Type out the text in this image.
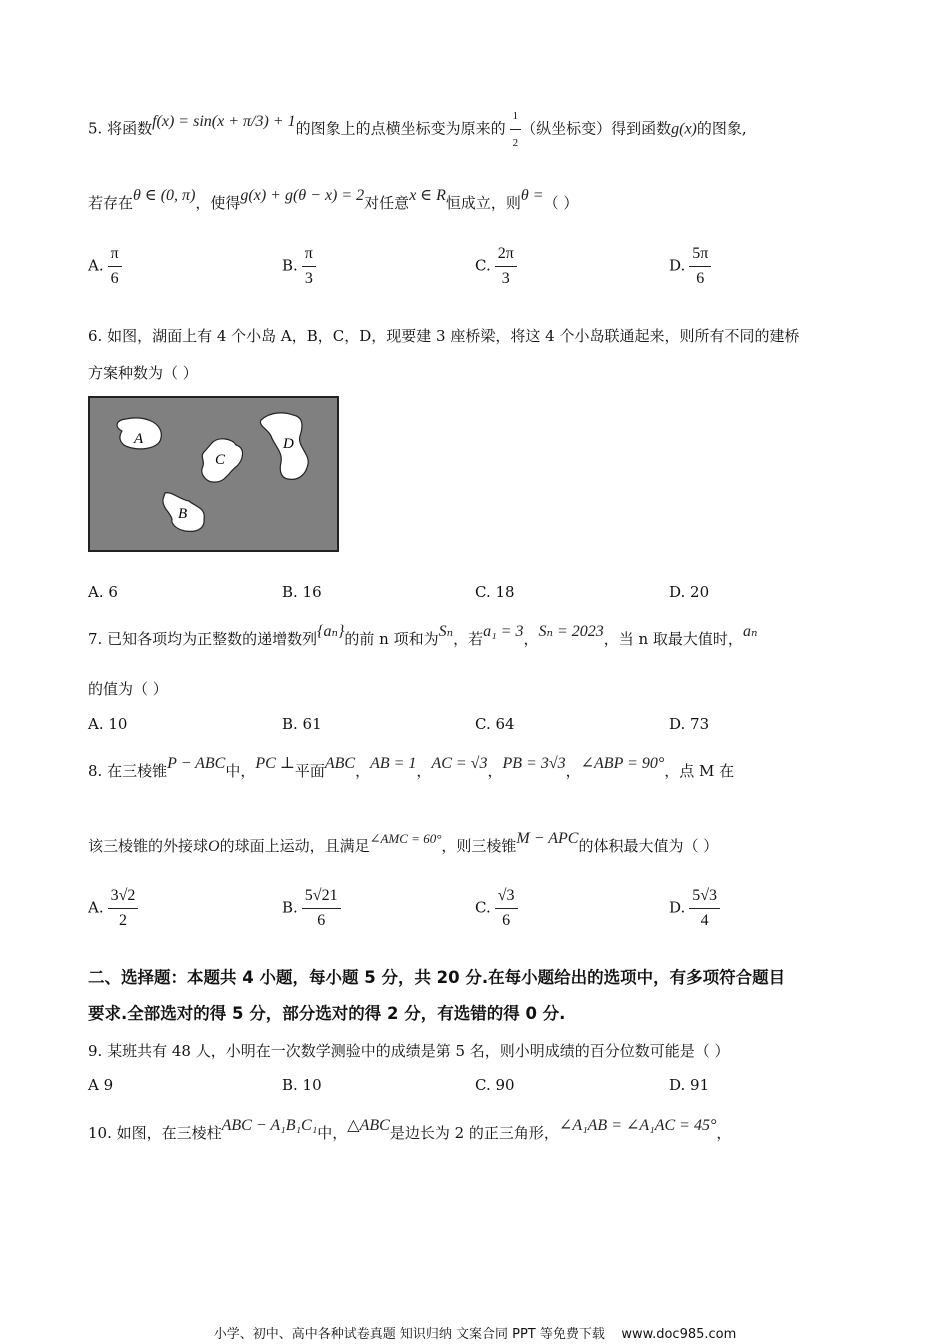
5. 将函数f(x) = sin(x + π/3) + 1的图象上的点横坐标变为原来的 $\frac{1}{2}$ （纵坐标变）得到函数g(x)的图象,
若存在θ ∈ (0, π)，使得g(x) + g(θ − x) = 2对任意x ∈ R恒成立，则θ =（ ）
A. $\frac{\pi}{6}$	B. $\frac{\pi}{3}$	C. $\frac{2\pi}{3}$	D. $\frac{5\pi}{6}$
6. 如图，湖面上有 4 个小岛 A，B，C，D，现要建 3 座桥梁，将这 4 个小岛联通起来，则所有不同的建桥
方案种数为（ ）
A
B
C
D
A. 6	B. 16	C. 18	D. 20
7. 已知各项均为正整数的递增数列{aₙ}的前 n 项和为Sₙ，若a₁ = 3，Sₙ = 2023，当 n 取最大值时，aₙ
的值为（ ）
A. 10	B. 61	C. 64	D. 73
8. 在三棱锥P − ABC中，PC ⊥平面ABC，AB = 1，AC = √3，PB = 3√3，∠ABP = 90°，点 M 在
该三棱锥的外接球O的球面上运动，且满足∠AMC = 60°，则三棱锥M − APC的体积最大值为（ ）
A. $\frac{3√2}{2}$	B. $\frac{5√21}{6}$	C. $\frac{√3}{6}$	D. $\frac{5√3}{4}$
二、选择题：本题共 4 小题，每小题 5 分，共 20 分.在每小题给出的选项中，有多项符合题目
要求.全部选对的得 5 分，部分选对的得 2 分，有选错的得 0 分.
9. 某班共有 48 人，小明在一次数学测验中的成绩是第 5 名，则小明成绩的百分位数可能是（ ）
A 9	B. 10	C. 90	D. 91
10. 如图，在三棱柱ABC − A₁B₁C₁中，△ABC是边长为 2 的正三角形，∠A₁AB = ∠A₁AC = 45°，
小学、初中、高中各种试卷真题 知识归纳 文案合同 PPT 等免费下载 www.doc985.com
